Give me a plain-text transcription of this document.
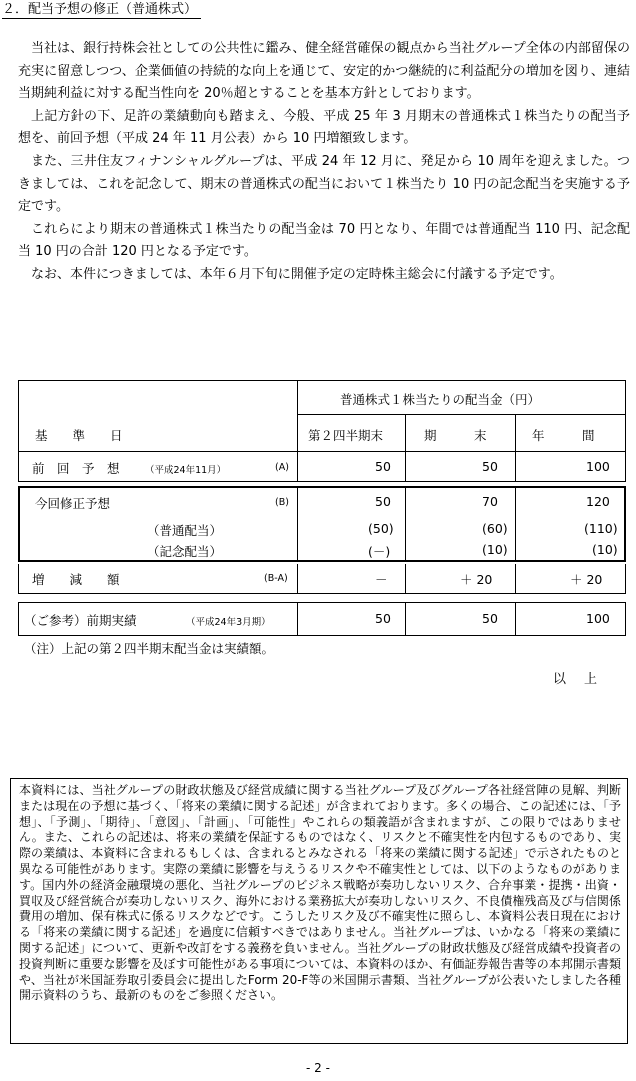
２．配当予想の修正（普通株式）

当社は、銀行持株会社としての公共性に鑑み、健全経営確保の観点から当社グループ全体の内部留保の充実に留意しつつ、企業価値の持続的な向上を通じて、安定的かつ継続的に利益配分の増加を図り、連結当期純利益に対する配当性向を 20％超とすることを基本方針としております。

上記方針の下、足許の業績動向も踏まえ、今般、平成 25 年 3 月期末の普通株式１株当たりの配当予想を、前回予想（平成 24 年 11 月公表）から 10 円増額致します。

また、三井住友フィナンシャルグループは、平成 24 年 12 月に、発足から 10 周年を迎えました。つきましては、これを記念して、期末の普通株式の配当において１株当たり 10 円の記念配当を実施する予定です。

これらにより期末の普通株式１株当たりの配当金は 70 円となり、年間では普通配当 110 円、記念配当 10 円の合計 120 円となる予定です。

なお、本件につきましては、本年６月下旬に開催予定の定時株主総会に付議する予定です。

普通株式１株当たりの配当金（円）
基　　準　　日	第２四半期末	期　　　末	年　　　間
前　回　予　想	（平成24年11月）	(A)	50	50	100
今回修正予想	(B)	50	70	120
（普通配当）	(50)	(60)	(110)
（記念配当）	(－)	(10)	(10)
増　　減　　額	(B-A)	－	＋ 20	＋ 20
（ご参考）前期実績	（平成24年3月期）	50	50	100
（注）上記の第２四半期末配当金は実績額。
以上
本資料には、当社グループの財政状態及び経営成績に関する当社グループ及びグループ各社経営陣の見解、判断または現在の予想に基づく、「将来の業績に関する記述」が含まれております。多くの場合、この記述には、「予想」、「予測」、「期待」、「意図」、「計画」、「可能性」やこれらの類義語が含まれますが、この限りではありません。また、これらの記述は、将来の業績を保証するものではなく、リスクと不確実性を内包するものであり、実際の業績は、本資料に含まれるもしくは、含まれるとみなされる「将来の業績に関する記述」で示されたものと異なる可能性があります。実際の業績に影響を与えうるリスクや不確実性としては、以下のようなものがあります。国内外の経済金融環境の悪化、当社グループのビジネス戦略が奏功しないリスク、合弁事業・提携・出資・買収及び経営統合が奏功しないリスク、海外における業務拡大が奏功しないリスク、不良債権残高及び与信関係費用の増加、保有株式に係るリスクなどです。こうしたリスク及び不確実性に照らし、本資料公表日現在における「将来の業績に関する記述」を過度に信頼すべきではありません。当社グループは、いかなる「将来の業績に関する記述」について、更新や改訂をする義務を負いません。当社グループの財政状態及び経営成績や投資者の投資判断に重要な影響を及ぼす可能性がある事項については、本資料のほか、有価証券報告書等の本邦開示書類や、当社が米国証券取引委員会に提出したForm 20-F等の米国開示書類、当社グループが公表いたしました各種開示資料のうち、最新のものをご参照ください。
- 2 -
